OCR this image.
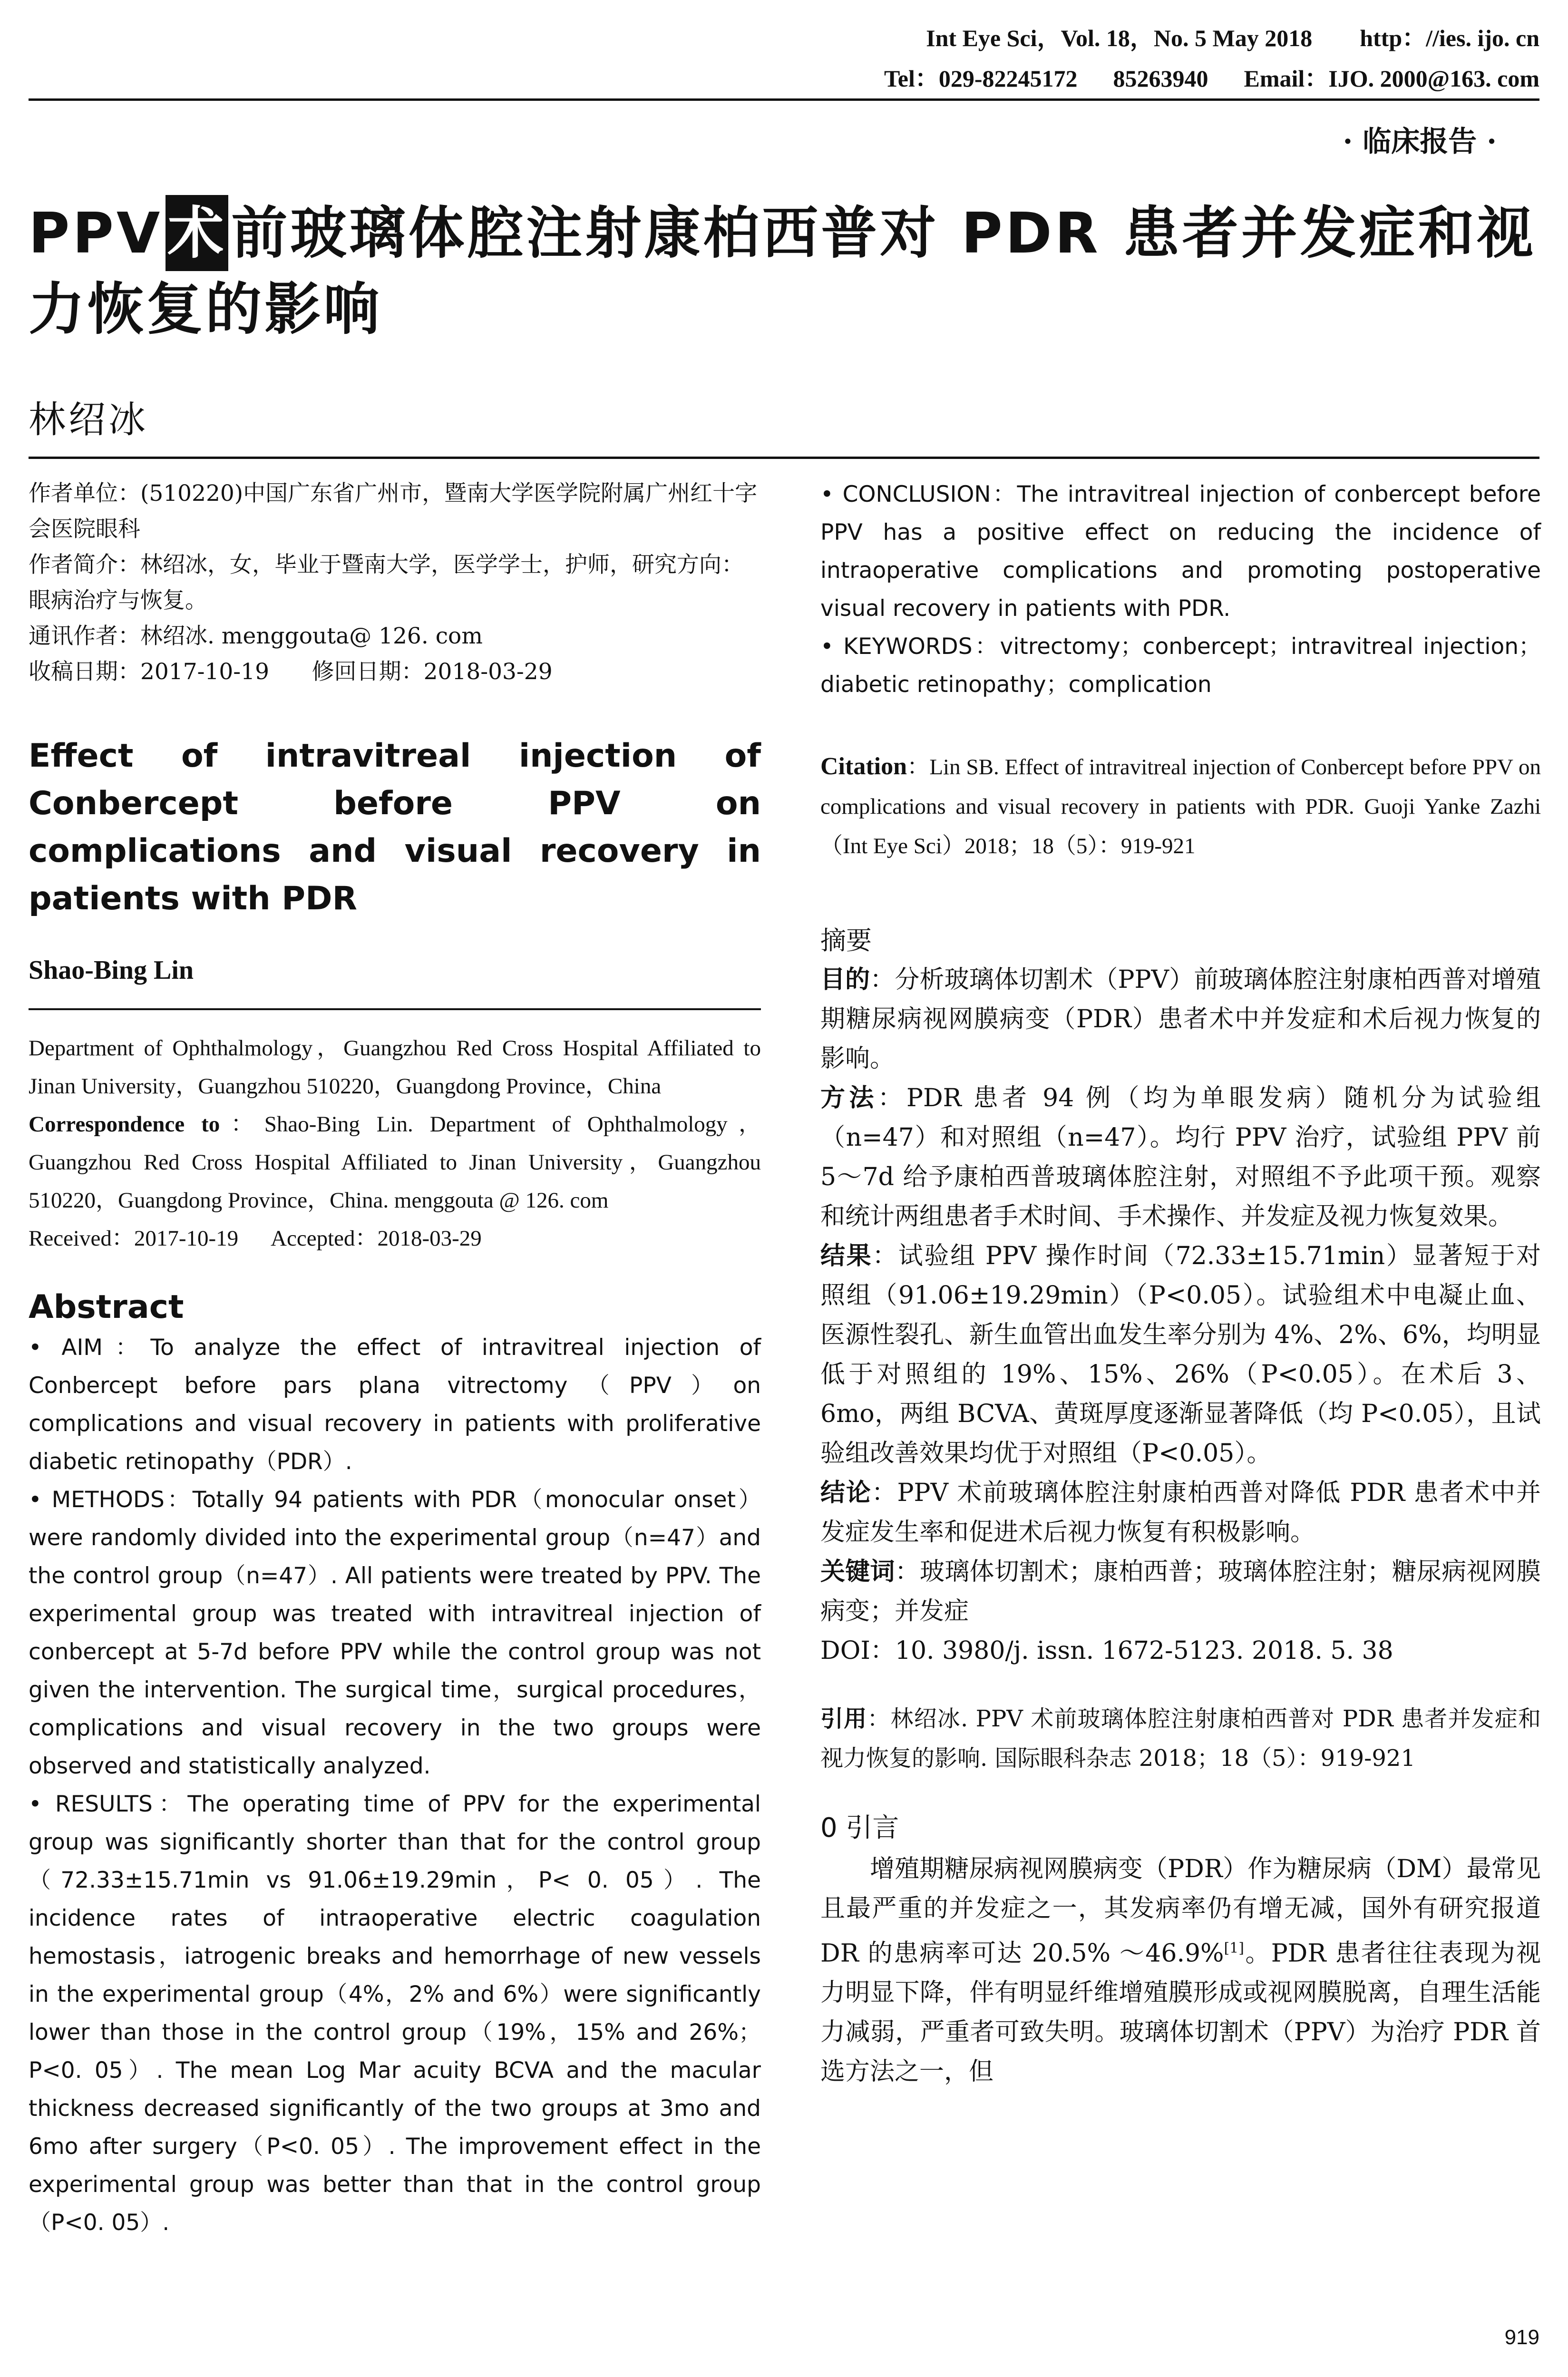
Int Eye Sci，Vol. 18，No. 5 May 2018        http：//ies. ijo. cn
Tel：029-82245172      85263940      Email：IJO. 2000@163. com
· 临床报告 ·
PPV术前玻璃体腔注射康柏西普对 PDR 患者并发症和视力恢复的影响
林绍冰

作者单位：(510220)中国广东省广州市，暨南大学医学院附属广州红十字会医院眼科

作者简介：林绍冰，女，毕业于暨南大学，医学学士，护师，研究方向：眼病治疗与恢复。

通讯作者：林绍冰. menggouta@ 126. com

收稿日期：2017-10-19      修回日期：2018-03-29

Effect of intravitreal injection of Conbercept before PPV on complications and visual recovery in patients with PDR
Shao-Bing Lin

Department of Ophthalmology，Guangzhou Red Cross Hospital Affiliated to Jinan University，Guangzhou 510220，Guangdong Province，China

Correspondence to：Shao-Bing Lin. Department of Ophthalmology，Guangzhou Red Cross Hospital Affiliated to Jinan University，Guangzhou 510220，Guangdong Province，China. menggouta @ 126. com

Received：2017-10-19      Accepted：2018-03-29
Abstract

• AIM：To analyze the effect of intravitreal injection of Conbercept before pars plana vitrectomy（PPV）on complications and visual recovery in patients with proliferative diabetic retinopathy（PDR）.

• METHODS：Totally 94 patients with PDR（monocular onset）were randomly divided into the experimental group（n=47）and the control group（n=47）. All patients were treated by PPV. The experimental group was treated with intravitreal injection of conbercept at 5-7d before PPV while the control group was not given the intervention. The surgical time，surgical procedures，complications and visual recovery in the two groups were observed and statistically analyzed.

• RESULTS：The operating time of PPV for the experimental group was significantly shorter than that for the control group（72.33±15.71min vs 91.06±19.29min，P< 0. 05）. The incidence rates of intraoperative electric coagulation hemostasis，iatrogenic breaks and hemorrhage of new vessels in the experimental group（4%，2% and 6%）were significantly lower than those in the control group（19%，15% and 26%；P<0. 05）. The mean Log Mar acuity BCVA and the macular thickness decreased significantly of the two groups at 3mo and 6mo after surgery（P<0. 05）. The improvement effect in the experimental group was better than that in the control group（P<0. 05）.

• CONCLUSION：The intravitreal injection of conbercept before PPV has a positive effect on reducing the incidence of intraoperative complications and promoting postoperative visual recovery in patients with PDR.

• KEYWORDS：vitrectomy；conbercept；intravitreal injection；diabetic retinopathy；complication

Citation：Lin SB. Effect of intravitreal injection of Conbercept before PPV on complications and visual recovery in patients with PDR. Guoji Yanke Zazhi（Int Eye Sci）2018；18（5）：919-921

摘要

目的：分析玻璃体切割术（PPV）前玻璃体腔注射康柏西普对增殖期糖尿病视网膜病变（PDR）患者术中并发症和术后视力恢复的影响。

方法：PDR 患者 94 例（均为单眼发病）随机分为试验组（n=47）和对照组（n=47）。均行 PPV 治疗，试验组 PPV 前 5～7d 给予康柏西普玻璃体腔注射，对照组不予此项干预。观察和统计两组患者手术时间、手术操作、并发症及视力恢复效果。

结果：试验组 PPV 操作时间（72.33±15.71min）显著短于对照组（91.06±19.29min）（P<0.05）。试验组术中电凝止血、医源性裂孔、新生血管出血发生率分别为 4%、2%、6%，均明显低于对照组的 19%、15%、26%（P<0.05）。在术后 3、6mo，两组 BCVA、黄斑厚度逐渐显著降低（均 P<0.05），且试验组改善效果均优于对照组（P<0.05）。

结论：PPV 术前玻璃体腔注射康柏西普对降低 PDR 患者术中并发症发生率和促进术后视力恢复有积极影响。

关键词：玻璃体切割术；康柏西普；玻璃体腔注射；糖尿病视网膜病变；并发症

DOI：10. 3980/j. issn. 1672-5123. 2018. 5. 38

引用：林绍冰. PPV 术前玻璃体腔注射康柏西普对 PDR 患者并发症和视力恢复的影响. 国际眼科杂志 2018；18（5）：919-921
0 引言

增殖期糖尿病视网膜病变（PDR）作为糖尿病（DM）最常见且最严重的并发症之一，其发病率仍有增无减，国外有研究报道 DR 的患病率可达 20.5% ～46.9%[1]。PDR 患者往往表现为视力明显下降，伴有明显纤维增殖膜形成或视网膜脱离，自理生活能力减弱，严重者可致失明。玻璃体切割术（PPV）为治疗 PDR 首选方法之一，但

919
